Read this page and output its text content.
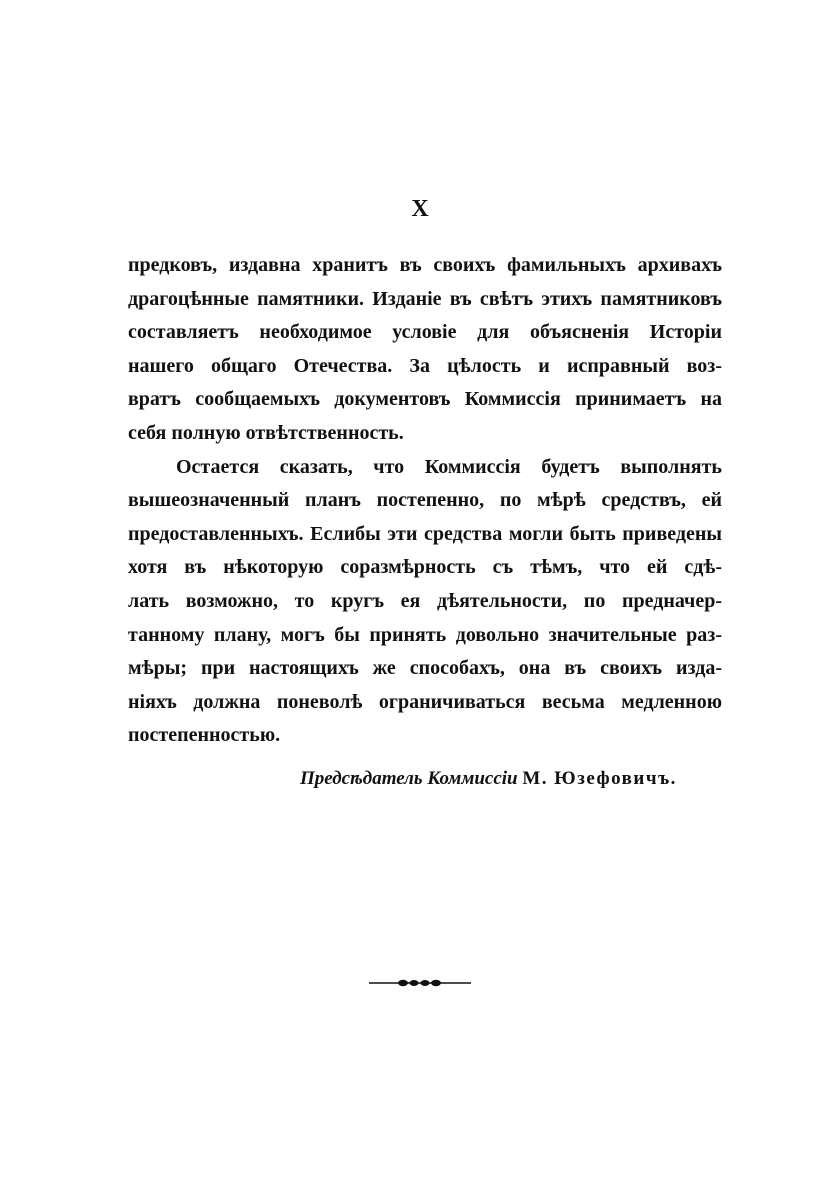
X
предковъ, издавна хранитъ въ своихъ фамильныхъ архивахъ
драгоцѣнные памятники. Изданіе въ свѣтъ этихъ памятниковъ
составляетъ необходимое условіе для объясненія Исторіи
нашего общаго Отечества. За цѣлость и исправный воз-
вратъ сообщаемыхъ документовъ Коммиссія принимаетъ на
себя полную отвѣтственность.
Остается сказать, что Коммиссія будетъ выполнять
вышеозначенный планъ постепенно, по мѣрѣ средствъ, ей
предоставленныхъ. Еслибы эти средства могли быть приведены
хотя въ нѣкоторую соразмѣрность съ тѣмъ, что ей сдѣ-
лать возможно, то кругъ ея дѣятельности, по предначер-
танному плану, могъ бы принять довольно значительные раз-
мѣры; при настоящихъ же способахъ, она въ своихъ изда-
ніяхъ должна поневолѣ ограничиваться весьма медленною
постепенностью.
Предсѣдатель Коммиссіи М. Юзефовичъ.
